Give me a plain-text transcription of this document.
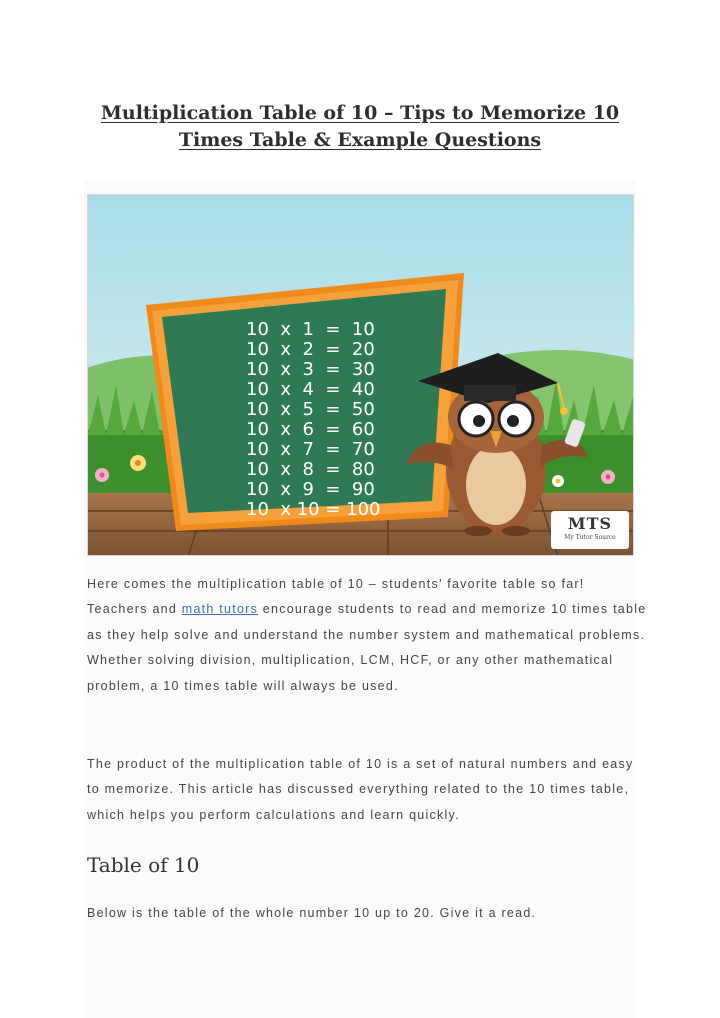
Multiplication Table of 10 – Tips to Memorize 10
Times Table & Example Questions
10  x  1  =  10
10  x  2  =  20
10  x  3  =  30
10  x  4  =  40
10  x  5  =  50
10  x  6  =  60
10  x  7  =  70
10  x  8  =  80
10  x  9  =  90
10  x 10 = 100
MTS
My Tutor Source

Here comes the multiplication table of 10 – students’ favorite table so far! Teachers and math tutors encourage students to read and memorize 10 times table as they help solve and understand the number system and mathematical problems. Whether solving division, multiplication, LCM, HCF, or any other mathematical problem, a 10 times table will always be used.

The product of the multiplication table of 10 is a set of natural numbers and easy to memorize. This article has discussed everything related to the 10 times table, which helps you perform calculations and learn quickly.

Table of 10

Below is the table of the whole number 10 up to 20. Give it a read.
